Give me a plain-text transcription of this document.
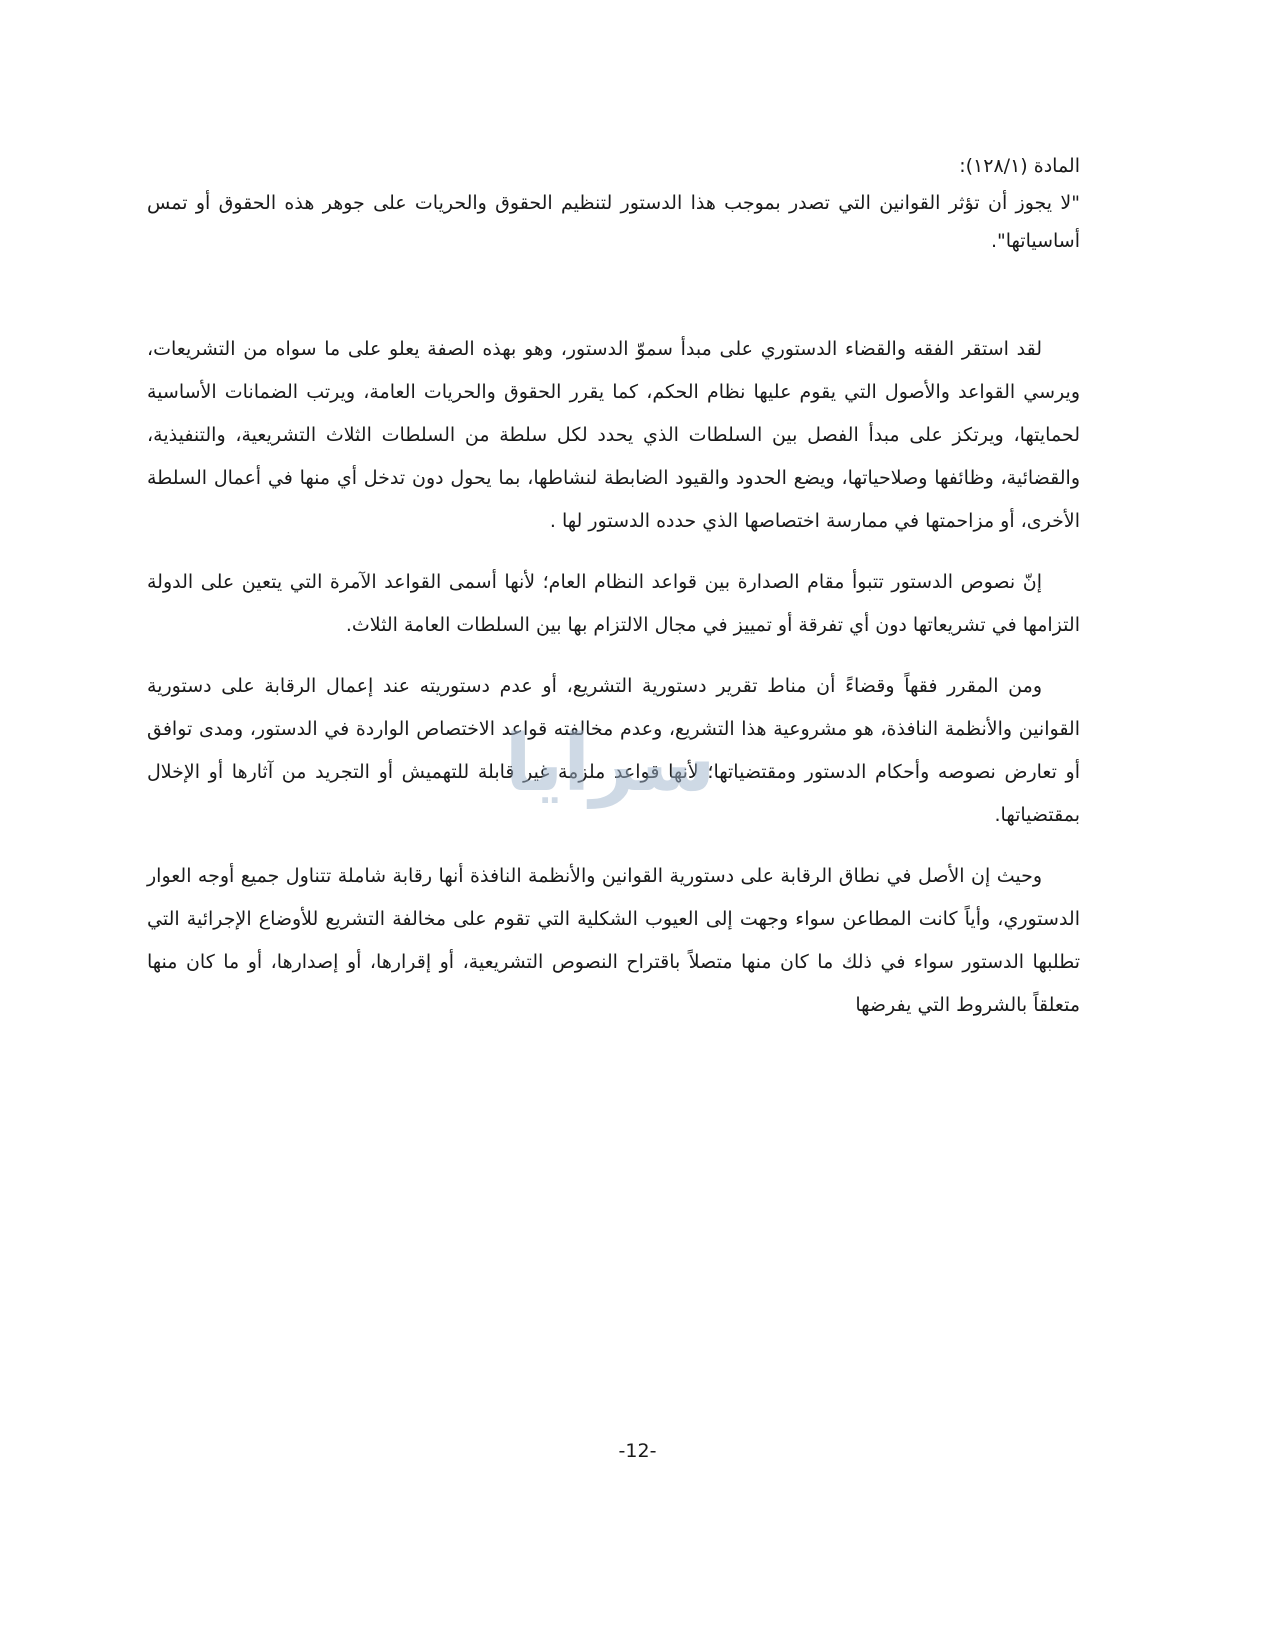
المادة (١٢٨/١):

"لا يجوز أن تؤثر القوانين التي تصدر بموجب هذا الدستور لتنظيم الحقوق والحريات على جوهر هذه الحقوق أو تمس أساسياتها".

لقد استقر الفقه والقضاء الدستوري على مبدأ سموّ الدستور، وهو بهذه الصفة يعلو على ما سواه من التشريعات، ويرسي القواعد والأصول التي يقوم عليها نظام الحكم، كما يقرر الحقوق والحريات العامة، ويرتب الضمانات الأساسية لحمايتها، ويرتكز على مبدأ الفصل بين السلطات الذي يحدد لكل سلطة من السلطات الثلاث التشريعية، والتنفيذية، والقضائية، وظائفها وصلاحياتها، ويضع الحدود والقيود الضابطة لنشاطها، بما يحول دون تدخل أي منها في أعمال السلطة الأخرى، أو مزاحمتها في ممارسة اختصاصها الذي حدده الدستور لها .

إنّ نصوص الدستور تتبوأ مقام الصدارة بين قواعد النظام العام؛ لأنها أسمى القواعد الآمرة التي يتعين على الدولة التزامها في تشريعاتها دون أي تفرقة أو تمييز في مجال الالتزام بها بين السلطات العامة الثلاث.

ومن المقرر فقهاً وقضاءً أن مناط تقرير دستورية التشريع، أو عدم دستوريته عند إعمال الرقابة على دستورية القوانين والأنظمة النافذة، هو مشروعية هذا التشريع، وعدم مخالفته قواعد الاختصاص الواردة في الدستور، ومدى توافق أو تعارض نصوصه وأحكام الدستور ومقتضياتها؛ لأنها قواعد ملزمة غير قابلة للتهميش أو التجريد من آثارها أو الإخلال بمقتضياتها.

وحيث إن الأصل في نطاق الرقابة على دستورية القوانين والأنظمة النافذة أنها رقابة شاملة تتناول جميع أوجه العوار الدستوري، وأياً كانت المطاعن سواء وجهت إلى العيوب الشكلية التي تقوم على مخالفة التشريع للأوضاع الإجرائية التي تطلبها الدستور سواء في ذلك ما كان منها متصلاً باقتراح النصوص التشريعية، أو إقرارها، أو إصدارها، أو ما كان منها متعلقاً بالشروط التي يفرضها

سرايا
-12-
